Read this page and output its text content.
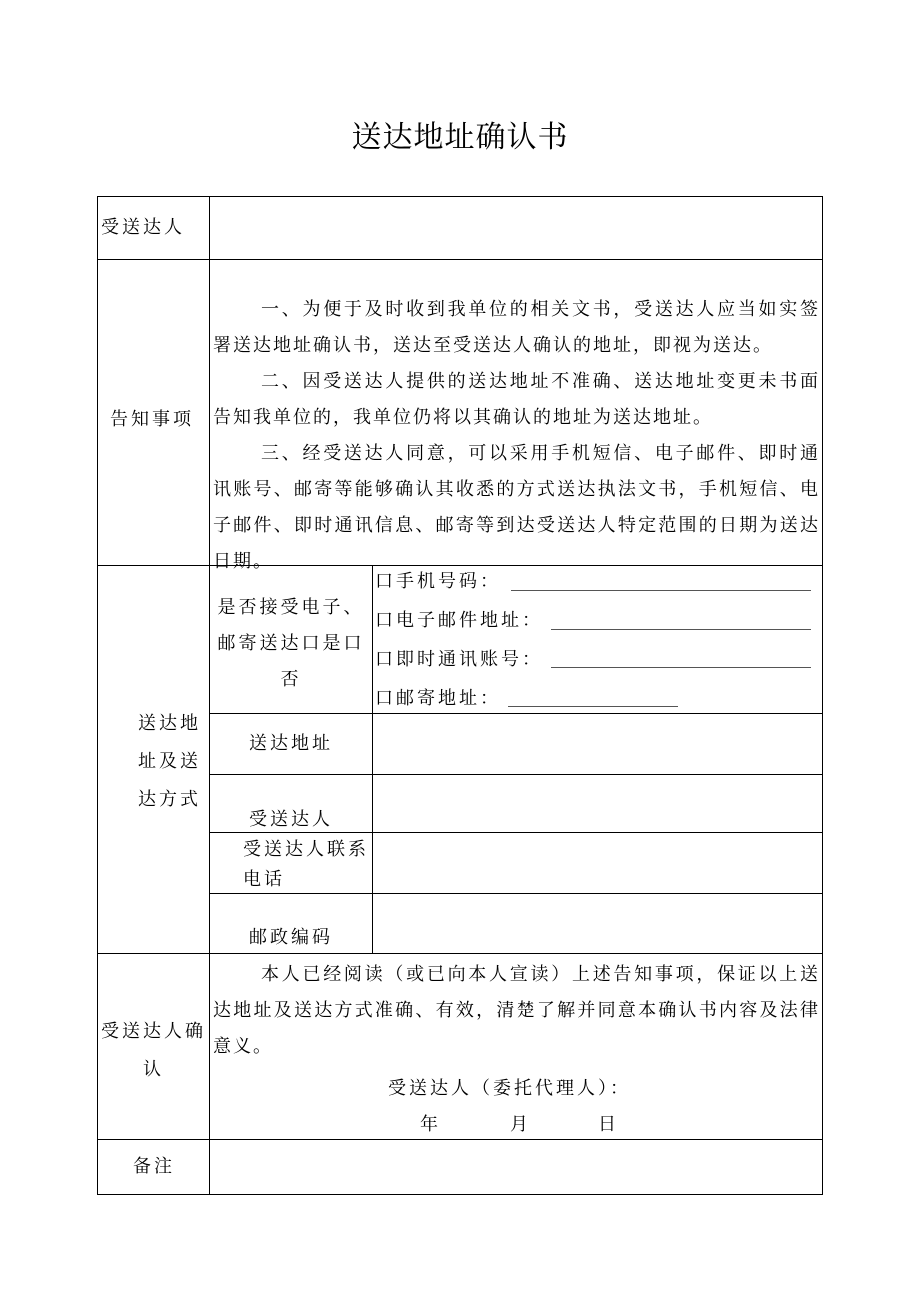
送达地址确认书
受送达人
告知事项

一、为便于及时收到我单位的相关文书，受送达人应当如实签署送达地址确认书，送达至受送达人确认的地址，即视为送达。

二、因受送达人提供的送达地址不准确、送达地址变更未书面告知我单位的，我单位仍将以其确认的地址为送达地址。

三、经受送达人同意，可以采用手机短信、电子邮件、即时通讯账号、邮寄等能够确认其收悉的方式送达执法文书，手机短信、电子邮件、即时通讯信息、邮寄等到达受送达人特定范围的日期为送达日期。

送达地
址及送
达方式
是否接受电子、
邮寄送达口是口
否
口手机号码：
口电子邮件地址：
口即时通讯账号：
口邮寄地址：
送达地址
受送达人
受送达人联系
电话
邮政编码
受送达人确
认
本人已经阅读（或已向本人宣读）上述告知事项，保证以上送达地址及送达方式准确、有效，清楚了解并同意本确认书内容及法律意义。
受送达人（委托代理人）：
年	月	日
备注
